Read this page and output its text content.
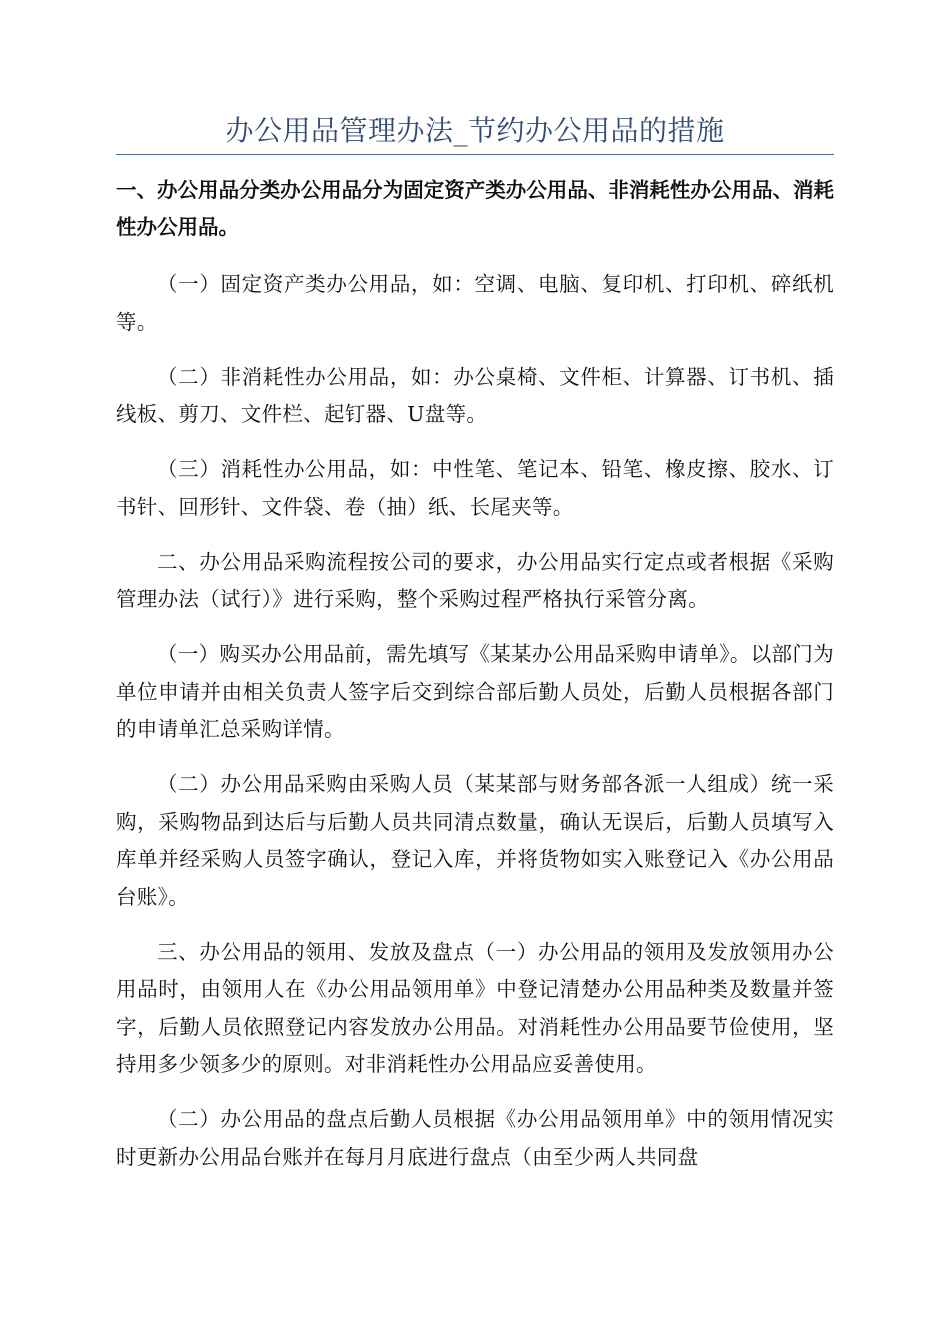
办公用品管理办法_节约办公用品的措施

一、办公用品分类办公用品分为固定资产类办公用品、非消耗性办公用品、消耗性办公用品。

（一）固定资产类办公用品，如：空调、电脑、复印机、打印机、碎纸机等。

（二）非消耗性办公用品，如：办公桌椅、文件柜、计算器、订书机、插线板、剪刀、文件栏、起钉器、U盘等。

（三）消耗性办公用品，如：中性笔、笔记本、铅笔、橡皮擦、胶水、订书针、回形针、文件袋、卷（抽）纸、长尾夹等。

二、办公用品采购流程按公司的要求，办公用品实行定点或者根据《采购管理办法（试行）》进行采购，整个采购过程严格执行采管分离。

（一）购买办公用品前，需先填写《某某办公用品采购申请单》。以部门为单位申请并由相关负责人签字后交到综合部后勤人员处，后勤人员根据各部门的申请单汇总采购详情。

（二）办公用品采购由采购人员（某某部与财务部各派一人组成）统一采购，采购物品到达后与后勤人员共同清点数量，确认无误后，后勤人员填写入库单并经采购人员签字确认，登记入库，并将货物如实入账登记入《办公用品台账》。

三、办公用品的领用、发放及盘点（一）办公用品的领用及发放领用办公用品时，由领用人在《办公用品领用单》中登记清楚办公用品种类及数量并签字，后勤人员依照登记内容发放办公用品。对消耗性办公用品要节俭使用，坚持用多少领多少的原则。对非消耗性办公用品应妥善使用。

（二）办公用品的盘点后勤人员根据《办公用品领用单》中的领用情况实时更新办公用品台账并在每月月底进行盘点（由至少两人共同盘
